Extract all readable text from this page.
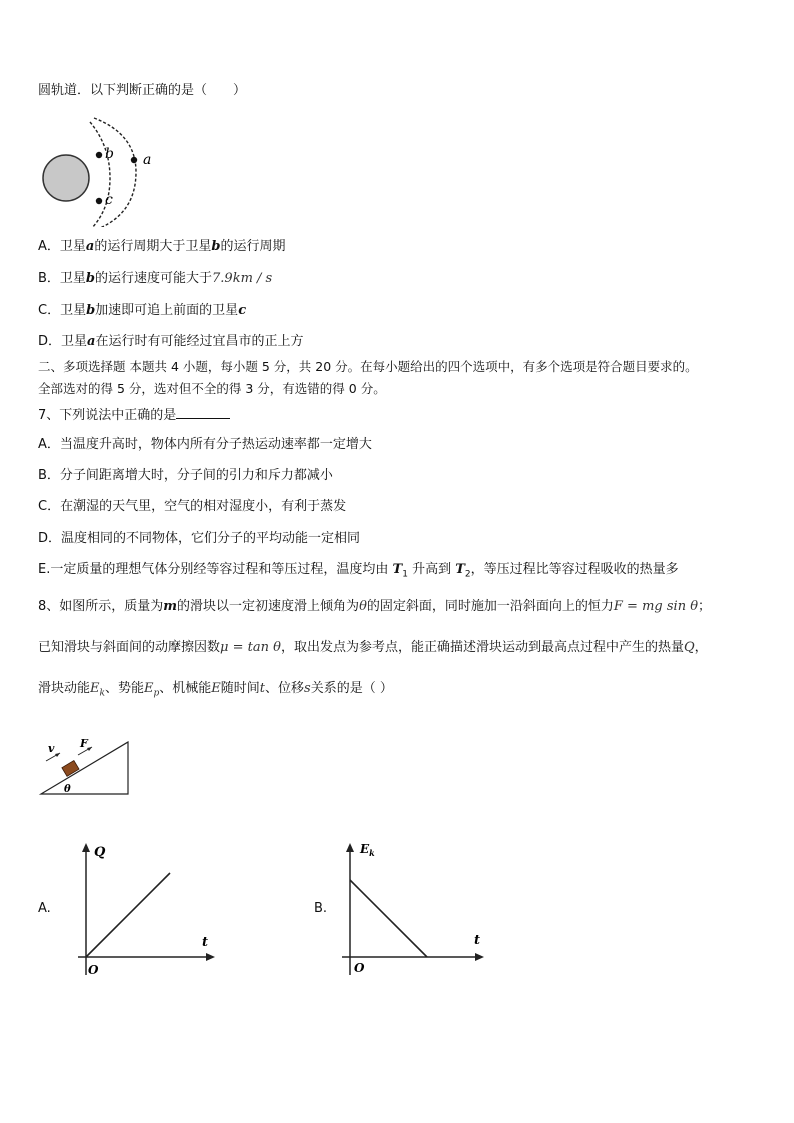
圆轨道．以下判断正确的是（　　）
b
c
a
A．卫星a的运行周期大于卫星b的运行周期
B．卫星b的运行速度可能大于7.9km / s
C．卫星b加速即可追上前面的卫星c
D．卫星a在运行时有可能经过宜昌市的正上方
二、多项选择题 本题共 4 小题，每小题 5 分，共 20 分。在每小题给出的四个选项中，有多个选项是符合题目要求的。
全部选对的得 5 分，选对但不全的得 3 分，有选错的得 0 分。
7、下列说法中正确的是
A．当温度升高时，物体内所有分子热运动速率都一定增大
B．分子间距离增大时，分子间的引力和斥力都减小
C．在潮湿的天气里，空气的相对湿度小，有利于蒸发
D．温度相同的不同物体，它们分子的平均动能一定相同
E.一定质量的理想气体分别经等容过程和等压过程，温度均由 $T_1$ 升高到 $T_2$，等压过程比等容过程吸收的热量多
8、如图所示，质量为m的滑块以一定初速度滑上倾角为θ的固定斜面，同时施加一沿斜面向上的恒力F = mg sin θ；
已知滑块与斜面间的动摩擦因数μ = tan θ，取出发点为参考点，能正确描述滑块运动到最高点过程中产生的热量Q，
滑块动能$E_k$、势能$E_p$、机械能E随时间t、位移s关系的是（ ）
v F
θ
A.
Q
t
O
B.
$E_k$
t
O
